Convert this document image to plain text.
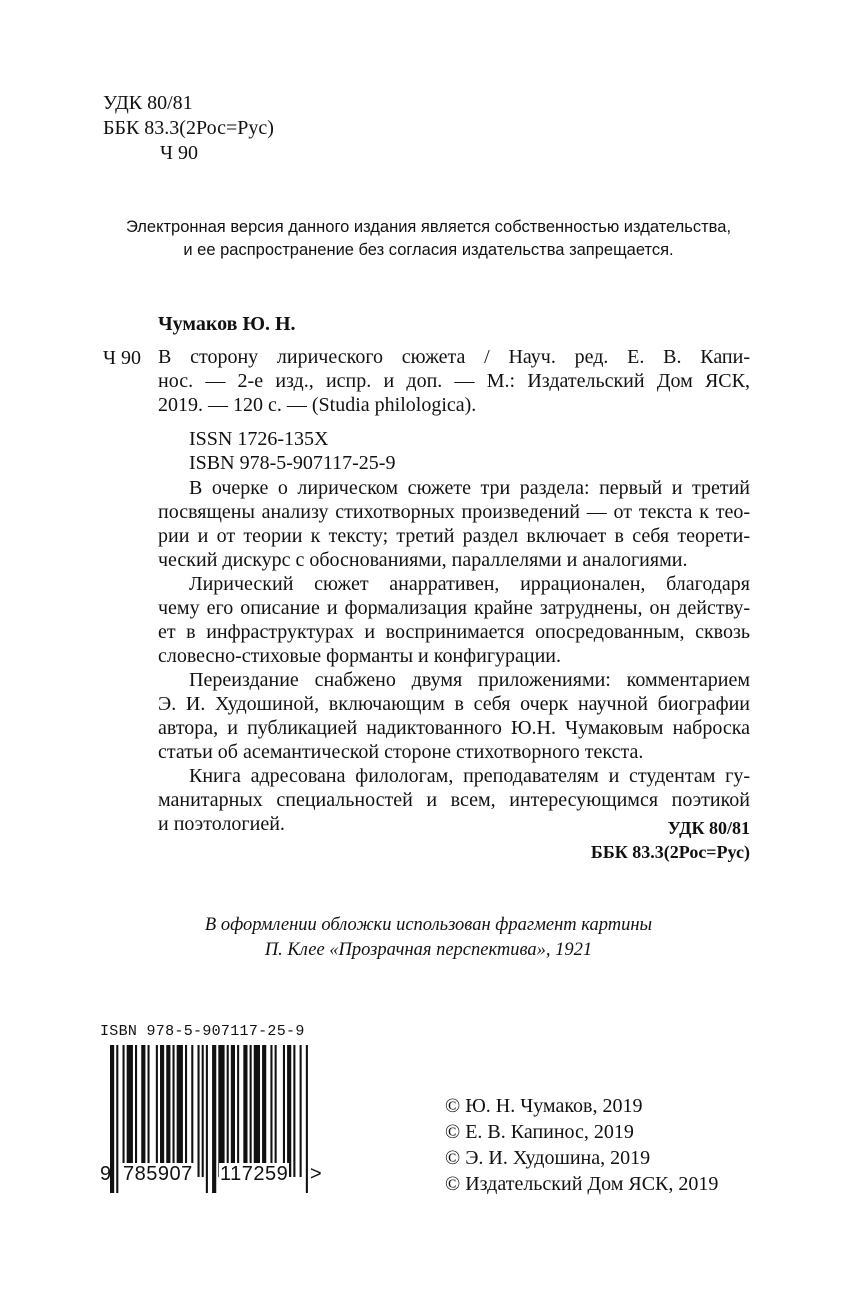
УДК 80/81
ББК 83.3(2Рос=Рус)
Ч 90
Электронная версия данного издания является собственностью издательства,
и ее распространение без согласия издательства запрещается.
Чумаков Ю. Н.
Ч 90 В сторону лирического сюжета / Науч. ред. Е. В. Капи-
нос. — 2-е изд., испр. и доп. — М.: Издательский Дом ЯСК,
2019. — 120 с. — (Studia philologica).
ISSN 1726-135X
ISBN 978-5-907117-25-9
В очерке о лирическом сюжете три раздела: первый и третий
посвящены анализу стихотворных произведений — от текста к тео-
рии и от теории к тексту; третий раздел включает в себя теорети-
ческий дискурс с обоснованиями, параллелями и аналогиями.
Лирический сюжет анарративен, иррационален, благодаря
чему его описание и формализация крайне затруднены, он действу-
ет в инфраструктурах и воспринимается опосредованным, сквозь
словесно-стиховые форманты и конфигурации.
Переиздание снабжено двумя приложениями: комментарием
Э. И. Худошиной, включающим в себя очерк научной биографии
автора, и публикацией надиктованного Ю.Н. Чумаковым наброска
статьи об асемантической стороне стихотворного текста.
Книга адресована филологам, преподавателям и студентам гу-
манитарных специальностей и всем, интересующимся поэтикой
и поэтологией.	УДК 80/81
ББК 83.3(2Рос=Рус)
В оформлении обложки использован фрагмент картины
П. Клее «Прозрачная перспектива», 1921
ISBN 978-5-907117-25-9
9 785907 117259 >
© Ю. Н. Чумаков, 2019
© Е. В. Капинос, 2019
© Э. И. Худошина, 2019
© Издательский Дом ЯСК, 2019
